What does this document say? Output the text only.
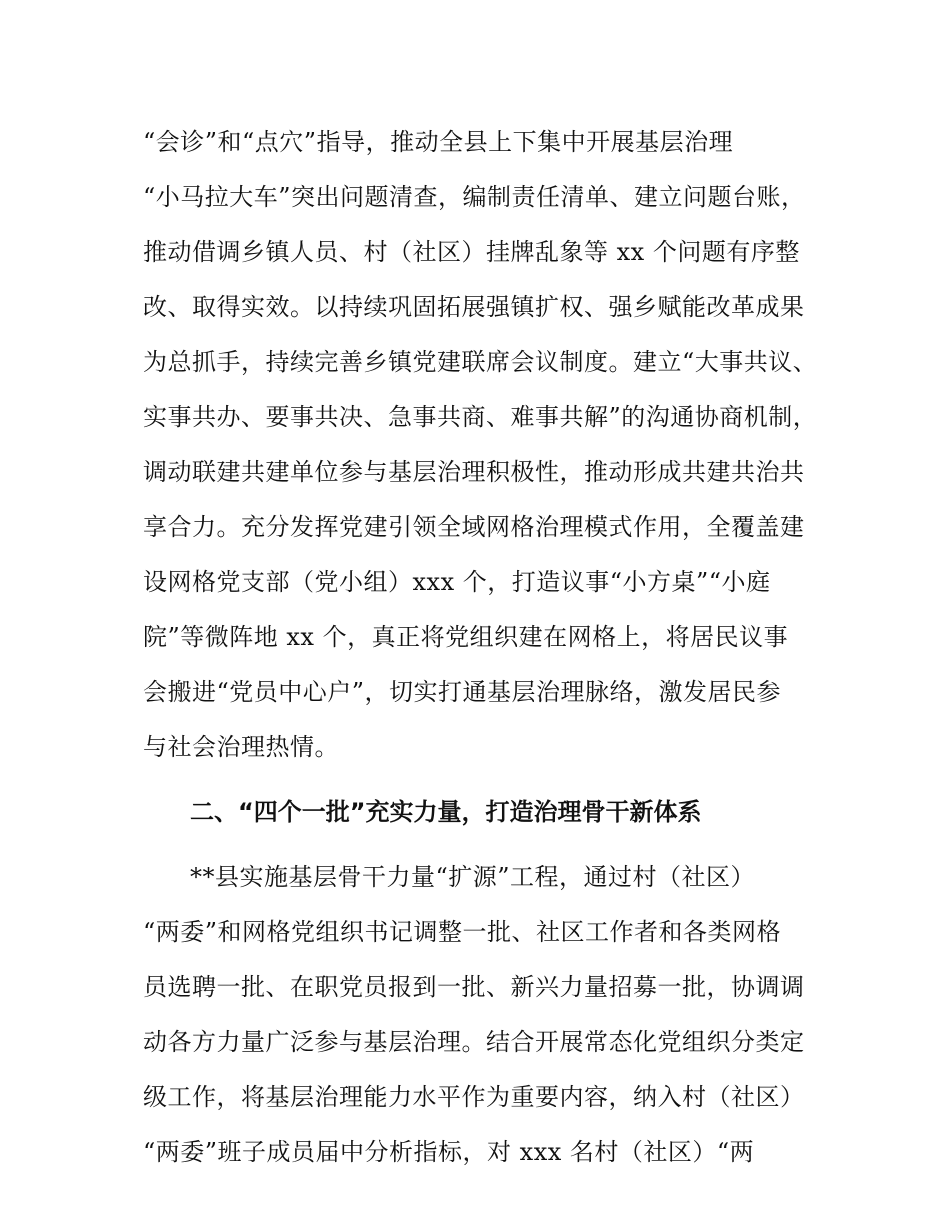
“会诊”和“点穴”指导，推动全县上下集中开展基层治理
“小马拉大车”突出问题清查，编制责任清单、建立问题台账，
推动借调乡镇人员、村（社区）挂牌乱象等 xx 个问题有序整
改、取得实效。以持续巩固拓展强镇扩权、强乡赋能改革成果
为总抓手，持续完善乡镇党建联席会议制度。建立“大事共议、
实事共办、要事共决、急事共商、难事共解”的沟通协商机制，
调动联建共建单位参与基层治理积极性，推动形成共建共治共
享合力。充分发挥党建引领全域网格治理模式作用，全覆盖建
设网格党支部（党小组）xxx 个，打造议事“小方桌”“小庭
院”等微阵地 xx 个，真正将党组织建在网格上，将居民议事
会搬进“党员中心户”，切实打通基层治理脉络，激发居民参
与社会治理热情。
二、“四个一批”充实力量，打造治理骨干新体系
**县实施基层骨干力量“扩源”工程，通过村（社区）
“两委”和网格党组织书记调整一批、社区工作者和各类网格
员选聘一批、在职党员报到一批、新兴力量招募一批，协调调
动各方力量广泛参与基层治理。结合开展常态化党组织分类定
级工作，将基层治理能力水平作为重要内容，纳入村（社区）
“两委”班子成员届中分析指标，对 xxx 名村（社区）“两
